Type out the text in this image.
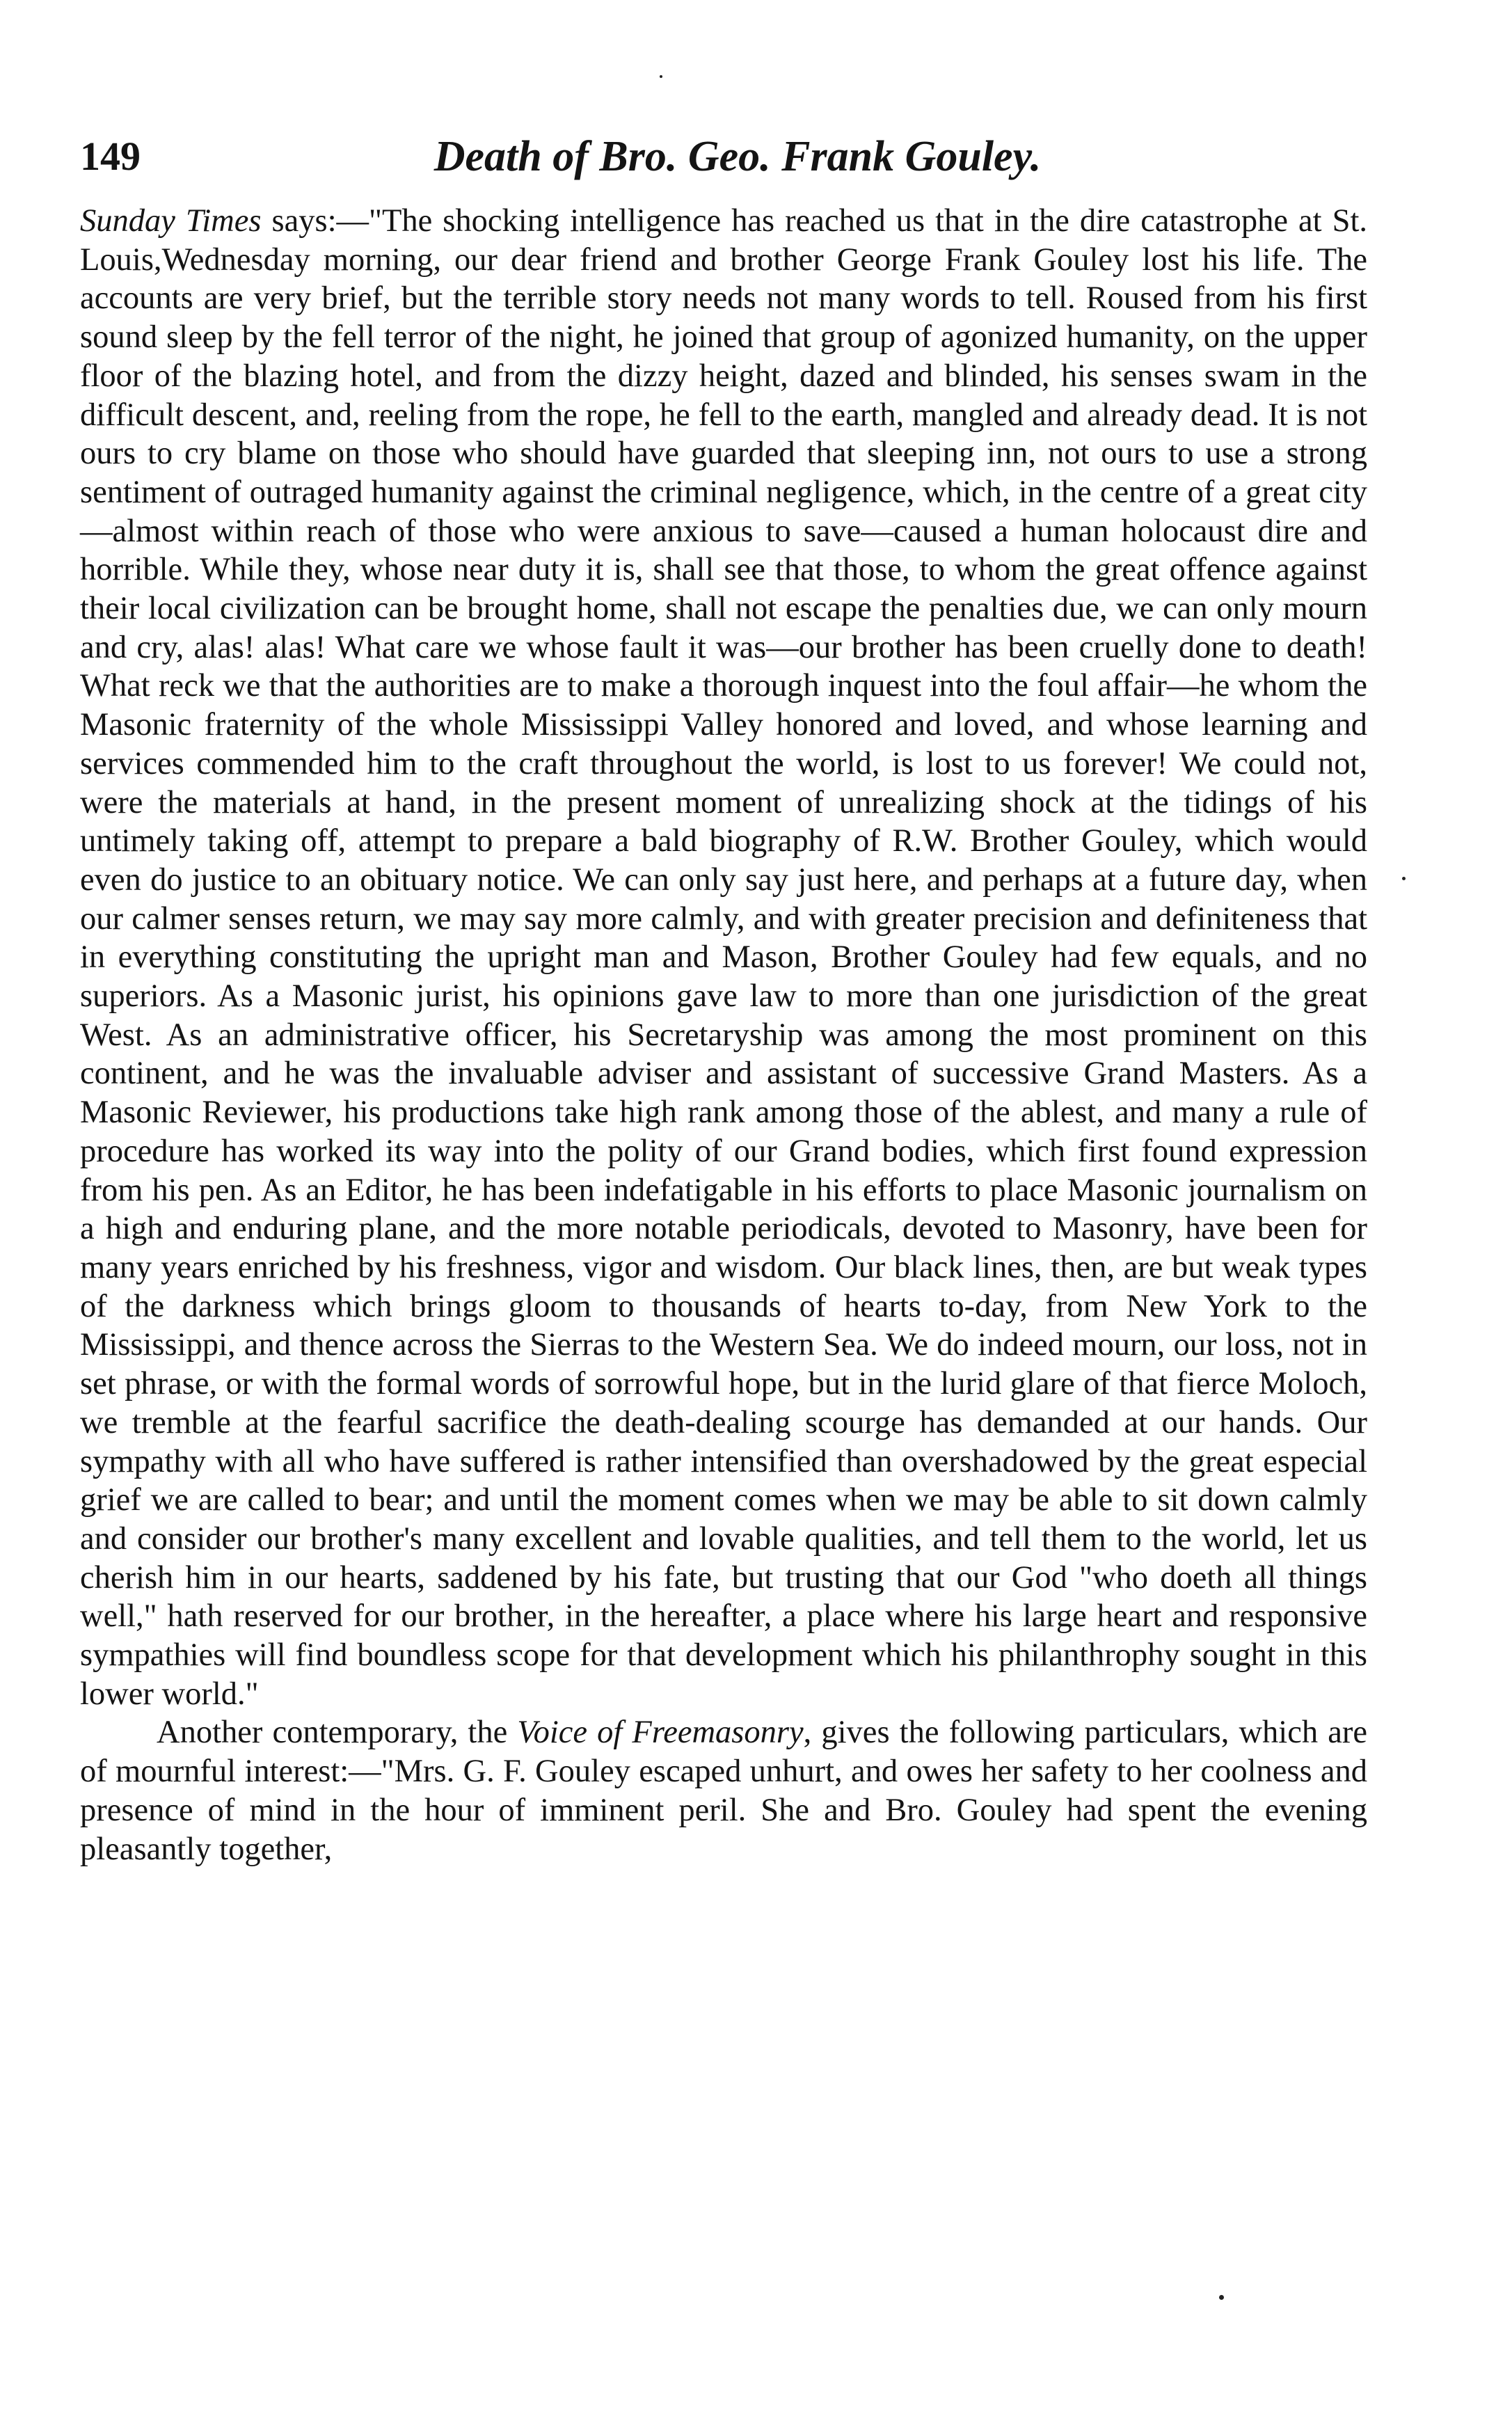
149	Death of Bro. Geo. Frank Gouley.

Sunday Times says:—"The shocking intelligence has reached us that in the dire catastrophe at St. Louis,Wednesday morning, our dear friend and brother George Frank Gouley lost his life. The accounts are very brief, but the terrible story needs not many words to tell. Roused from his first sound sleep by the fell terror of the night, he joined that group of agonized humanity, on the upper floor of the blazing hotel, and from the dizzy height, dazed and blinded, his senses swam in the difficult descent, and, reeling from the rope, he fell to the earth, mangled and already dead. It is not ours to cry blame on those who should have guarded that sleeping inn, not ours to use a strong sentiment of outraged humanity against the criminal negligence, which, in the centre of a great city—almost within reach of those who were anxious to save—caused a human holocaust dire and horrible. While they, whose near duty it is, shall see that those, to whom the great offence against their local civilization can be brought home, shall not escape the penalties due, we can only mourn and cry, alas! alas! What care we whose fault it was—our brother has been cruelly done to death! What reck we that the authorities are to make a thorough inquest into the foul affair—he whom the Masonic fraternity of the whole Mississippi Valley honored and loved, and whose learning and services commended him to the craft throughout the world, is lost to us forever! We could not, were the materials at hand, in the present moment of unrealizing shock at the tidings of his untimely taking off, attempt to prepare a bald biography of R.W. Brother Gouley, which would even do justice to an obituary notice. We can only say just here, and perhaps at a future day, when our calmer senses return, we may say more calmly, and with greater precision and definiteness that in everything constituting the upright man and Mason, Brother Gouley had few equals, and no superiors. As a Masonic jurist, his opinions gave law to more than one jurisdiction of the great West. As an administrative officer, his Secretaryship was among the most prominent on this continent, and he was the invaluable adviser and assistant of successive Grand Masters. As a Masonic Reviewer, his productions take high rank among those of the ablest, and many a rule of procedure has worked its way into the polity of our Grand bodies, which first found expression from his pen. As an Editor, he has been indefatigable in his efforts to place Masonic journalism on a high and enduring plane, and the more notable periodicals, devoted to Masonry, have been for many years enriched by his freshness, vigor and wisdom. Our black lines, then, are but weak types of the darkness which brings gloom to thousands of hearts to-day, from New York to the Mississippi, and thence across the Sierras to the Western Sea. We do indeed mourn, our loss, not in set phrase, or with the formal words of sorrowful hope, but in the lurid glare of that fierce Moloch, we tremble at the fearful sacrifice the death-dealing scourge has demanded at our hands. Our sympathy with all who have suffered is rather intensified than overshadowed by the great especial grief we are called to bear; and until the moment comes when we may be able to sit down calmly and consider our brother's many excellent and lovable qualities, and tell them to the world, let us cherish him in our hearts, saddened by his fate, but trusting that our God "who doeth all things well," hath reserved for our brother, in the hereafter, a place where his large heart and responsive sympathies will find boundless scope for that development which his philanthrophy sought in this lower world."

Another contemporary, the Voice of Freemasonry, gives the following particulars, which are of mournful interest:—"Mrs. G. F. Gouley escaped unhurt, and owes her safety to her coolness and presence of mind in the hour of imminent peril. She and Bro. Gouley had spent the evening pleasantly together,
